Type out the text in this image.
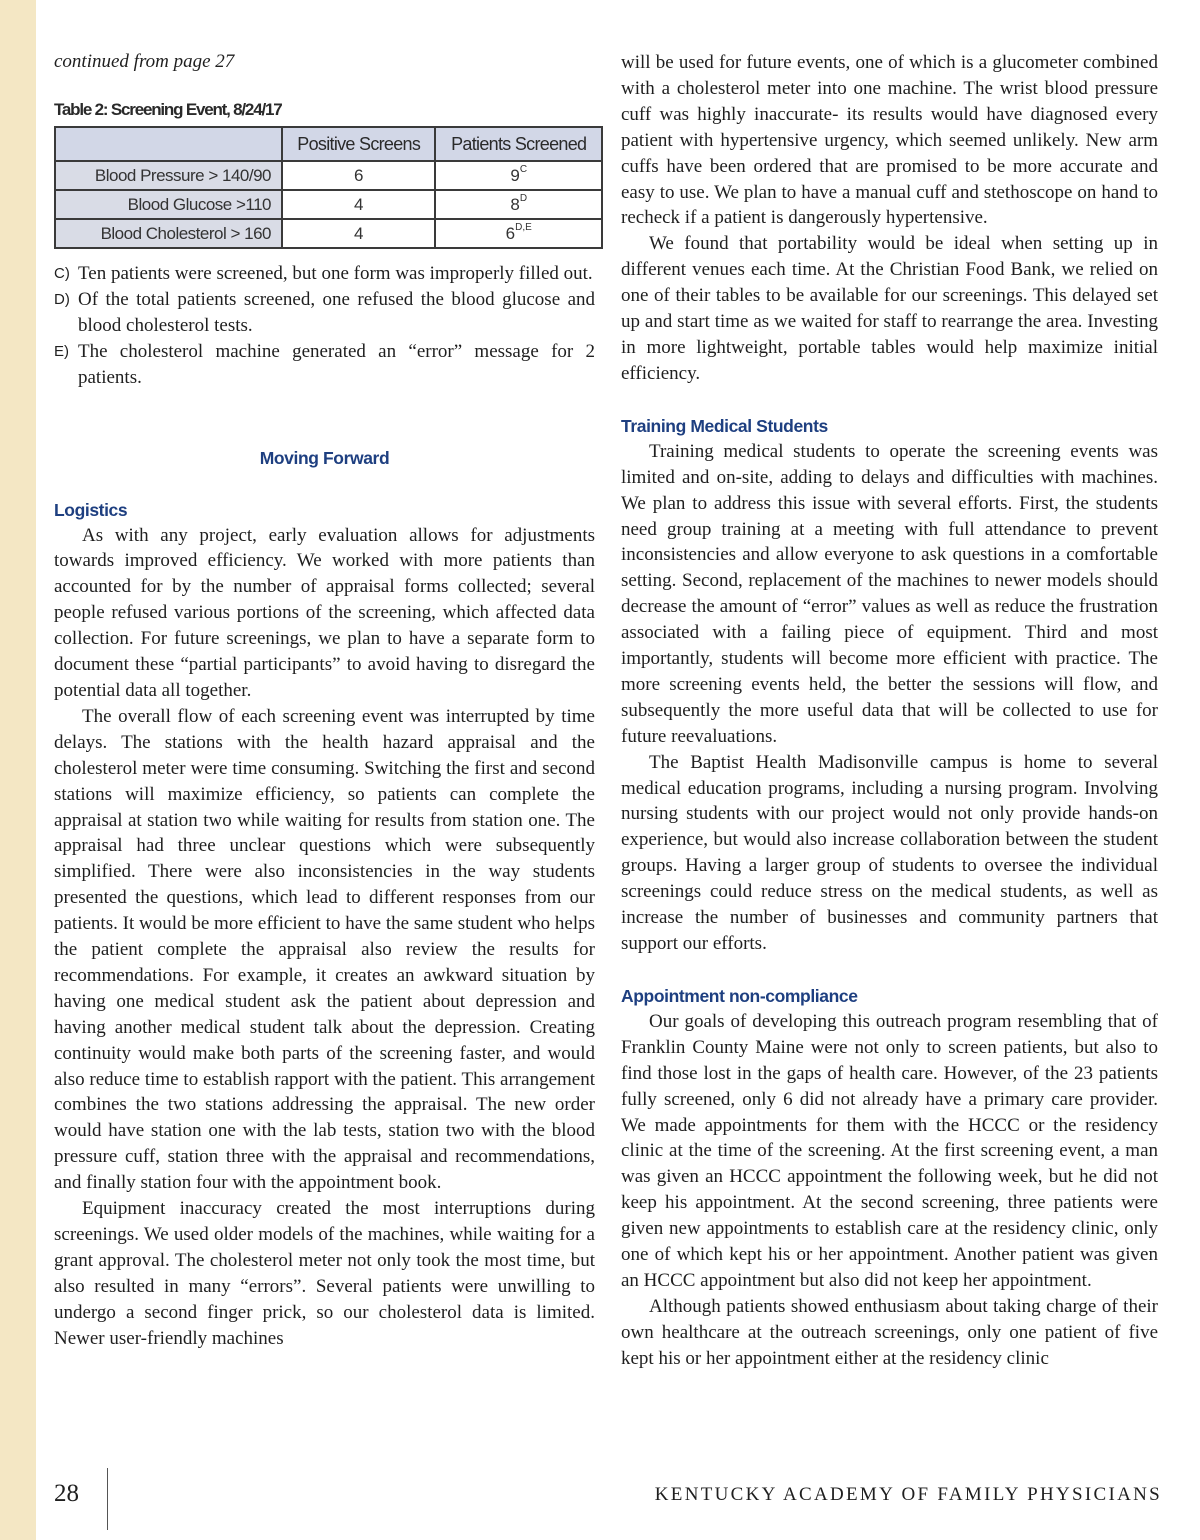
continued from page 27
Table 2: Screening Event, 8/24/17
	Positive Screens	Patients Screened
Blood Pressure > 140/90	6	$9^C$
Blood Glucose >110	4	$8^D$
Blood Cholesterol > 160	4	$6^{D,E}$
C) Ten patients were screened, but one form was improperly filled out.
D) Of the total patients screened, one refused the blood glucose and blood cholesterol tests.
E) The cholesterol machine generated an “error” message for 2 patients.
Moving Forward
Logistics

As with any project, early evaluation allows for adjustments towards improved efficiency. We worked with more patients than accounted for by the number of appraisal forms collected; several people refused various portions of the screening, which affected data collection. For future screenings, we plan to have a separate form to document these “partial participants” to avoid having to disregard the potential data all together.

The overall flow of each screening event was interrupted by time delays. The stations with the health hazard appraisal and the cholesterol meter were time consuming. Switching the first and second stations will maximize efficiency, so patients can complete the appraisal at station two while waiting for results from station one. The appraisal had three unclear questions which were subsequently simplified. There were also inconsistencies in the way students presented the questions, which lead to different responses from our patients. It would be more efficient to have the same student who helps the patient complete the appraisal also review the results for recommendations. For example, it creates an awkward situation by having one medical student ask the patient about depression and having another medical student talk about the depression. Creating continuity would make both parts of the screening faster, and would also reduce time to establish rapport with the patient. This arrangement combines the two stations addressing the appraisal. The new order would have station one with the lab tests, station two with the blood pressure cuff, station three with the appraisal and recommendations, and finally station four with the appointment book.

Equipment inaccuracy created the most interruptions during screenings. We used older models of the machines, while waiting for a grant approval. The cholesterol meter not only took the most time, but also resulted in many “errors”. Several patients were unwilling to undergo a second finger prick, so our cholesterol data is limited. Newer user-friendly machines

will be used for future events, one of which is a glucometer combined with a cholesterol meter into one machine. The wrist blood pressure cuff was highly inaccurate- its results would have diagnosed every patient with hypertensive urgency, which seemed unlikely. New arm cuffs have been ordered that are promised to be more accurate and easy to use. We plan to have a manual cuff and stethoscope on hand to recheck if a patient is dangerously hypertensive.

We found that portability would be ideal when setting up in different venues each time. At the Christian Food Bank, we relied on one of their tables to be available for our screenings. This delayed set up and start time as we waited for staff to rearrange the area. Investing in more lightweight, portable tables would help maximize initial efficiency.

Training Medical Students

Training medical students to operate the screening events was limited and on-site, adding to delays and difficulties with machines. We plan to address this issue with several efforts. First, the students need group training at a meeting with full attendance to prevent inconsistencies and allow everyone to ask questions in a comfortable setting. Second, replacement of the machines to newer models should decrease the amount of “error” values as well as reduce the frustration associated with a failing piece of equipment. Third and most importantly, students will become more efficient with practice. The more screening events held, the better the sessions will flow, and subsequently the more useful data that will be collected to use for future reevaluations.

The Baptist Health Madisonville campus is home to several medical education programs, including a nursing program. Involving nursing students with our project would not only provide hands-on experience, but would also increase collaboration between the student groups. Having a larger group of students to oversee the individual screenings could reduce stress on the medical students, as well as increase the number of businesses and community partners that support our efforts.

Appointment non-compliance

Our goals of developing this outreach program resembling that of Franklin County Maine were not only to screen patients, but also to find those lost in the gaps of health care. However, of the 23 patients fully screened, only 6 did not already have a primary care provider. We made appointments for them with the HCCC or the residency clinic at the time of the screening. At the first screening event, a man was given an HCCC appointment the following week, but he did not keep his appointment. At the second screening, three patients were given new appointments to establish care at the residency clinic, only one of which kept his or her appointment. Another patient was given an HCCC appointment but also did not keep her appointment.

Although patients showed enthusiasm about taking charge of their own healthcare at the outreach screenings, only one patient of five kept his or her appointment either at the residency clinic

28	KENTUCKY ACADEMY OF FAMILY PHYSICIANS
